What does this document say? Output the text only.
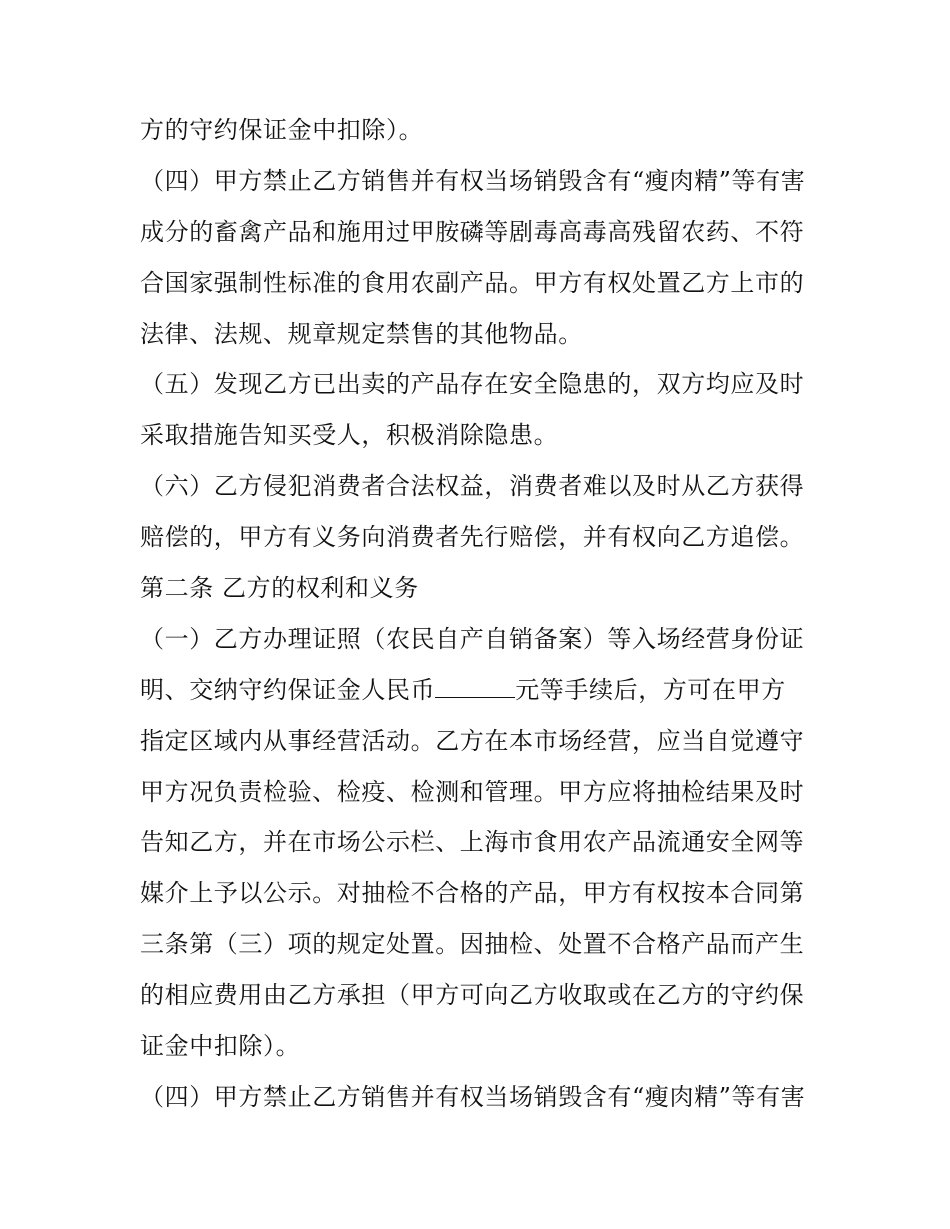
方的守约保证金中扣除）。
（四）甲方禁止乙方销售并有权当场销毁含有“瘦肉精”等有害
成分的畜禽产品和施用过甲胺磷等剧毒高毒高残留农药、不符
合国家强制性标准的食用农副产品。甲方有权处置乙方上市的
法律、法规、规章规定禁售的其他物品。
（五）发现乙方已出卖的产品存在安全隐患的，双方均应及时
采取措施告知买受人，积极消除隐患。
（六）乙方侵犯消费者合法权益，消费者难以及时从乙方获得
赔偿的，甲方有义务向消费者先行赔偿，并有权向乙方追偿。
第二条 乙方的权利和义务
（一）乙方办理证照（农民自产自销备案）等入场经营身份证
明、交纳守约保证金人民币	元等手续后，方可在甲方
指定区域内从事经营活动。乙方在本市场经营，应当自觉遵守
甲方况负责检验、检疫、检测和管理。甲方应将抽检结果及时
告知乙方，并在市场公示栏、上海市食用农产品流通安全网等
媒介上予以公示。对抽检不合格的产品，甲方有权按本合同第
三条第（三）项的规定处置。因抽检、处置不合格产品而产生
的相应费用由乙方承担（甲方可向乙方收取或在乙方的守约保
证金中扣除）。
（四）甲方禁止乙方销售并有权当场销毁含有“瘦肉精”等有害
